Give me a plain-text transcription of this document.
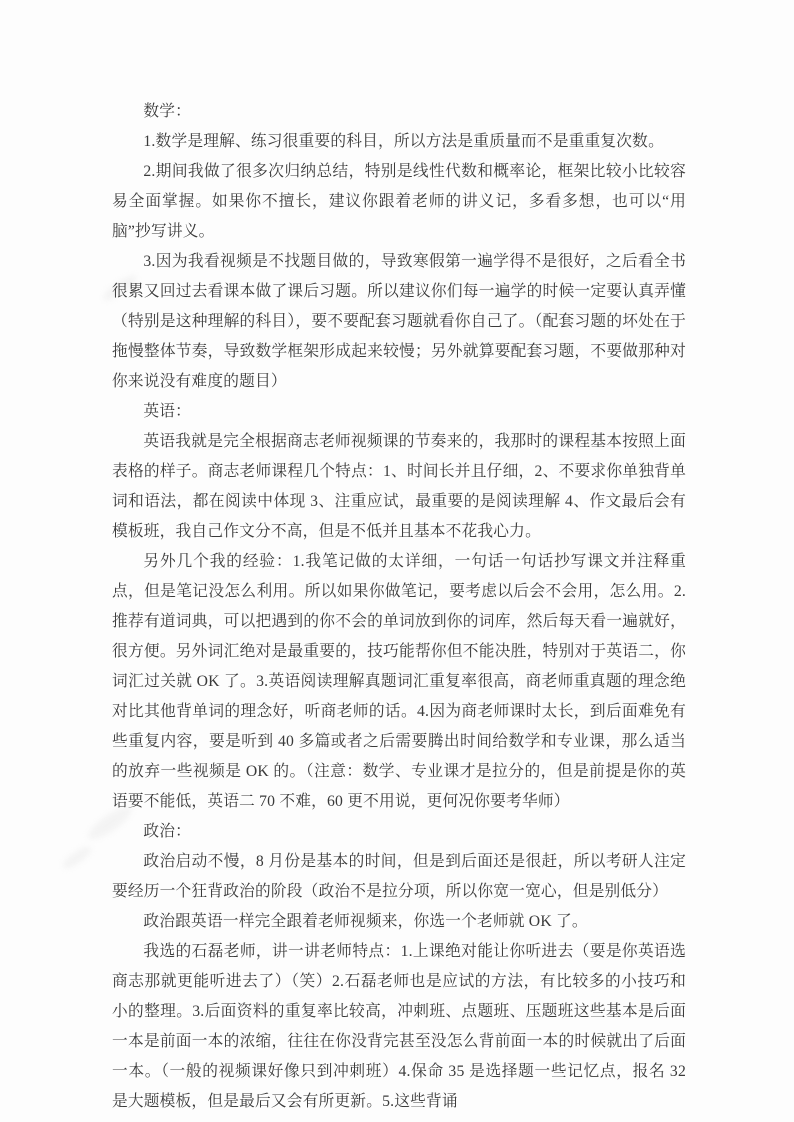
数学：

1.数学是理解、练习很重要的科目，所以方法是重质量而不是重重复次数。

2.期间我做了很多次归纳总结，特别是线性代数和概率论，框架比较小比较容易全面掌握。如果你不擅长，建议你跟着老师的讲义记，多看多想，也可以“用脑”抄写讲义。

3.因为我看视频是不找题目做的，导致寒假第一遍学得不是很好，之后看全书很累又回过去看课本做了课后习题。所以建议你们每一遍学的时候一定要认真弄懂（特别是这种理解的科目），要不要配套习题就看你自己了。（配套习题的坏处在于拖慢整体节奏，导致数学框架形成起来较慢；另外就算要配套习题，不要做那种对你来说没有难度的题目）

英语：

英语我就是完全根据商志老师视频课的节奏来的，我那时的课程基本按照上面表格的样子。商志老师课程几个特点：1、时间长并且仔细，2、不要求你单独背单词和语法，都在阅读中体现 3、注重应试，最重要的是阅读理解 4、作文最后会有模板班，我自己作文分不高，但是不低并且基本不花我心力。

另外几个我的经验：1.我笔记做的太详细，一句话一句话抄写课文并注释重点，但是笔记没怎么利用。所以如果你做笔记，要考虑以后会不会用，怎么用。2.推荐有道词典，可以把遇到的你不会的单词放到你的词库，然后每天看一遍就好，很方便。另外词汇绝对是最重要的，技巧能帮你但不能决胜，特别对于英语二，你词汇过关就 OK 了。3.英语阅读理解真题词汇重复率很高，商老师重真题的理念绝对比其他背单词的理念好，听商老师的话。4.因为商老师课时太长，到后面难免有些重复内容，要是听到 40 多篇或者之后需要腾出时间给数学和专业课，那么适当的放弃一些视频是 OK 的。（注意：数学、专业课才是拉分的，但是前提是你的英语要不能低，英语二 70 不难，60 更不用说，更何况你要考华师）

政治：

政治启动不慢，8 月份是基本的时间，但是到后面还是很赶，所以考研人注定要经历一个狂背政治的阶段（政治不是拉分项，所以你宽一宽心，但是别低分）

政治跟英语一样完全跟着老师视频来，你选一个老师就 OK 了。

我选的石磊老师，讲一讲老师特点：1.上课绝对能让你听进去（要是你英语选商志那就更能听进去了）（笑）2.石磊老师也是应试的方法，有比较多的小技巧和小的整理。3.后面资料的重复率比较高，冲刺班、点题班、压题班这些基本是后面一本是前面一本的浓缩，往往在你没背完甚至没怎么背前面一本的时候就出了后面一本。（一般的视频课好像只到冲刺班）4.保命 35 是选择题一些记忆点，报名 32 是大题模板，但是最后又会有所更新。5.这些背诵
